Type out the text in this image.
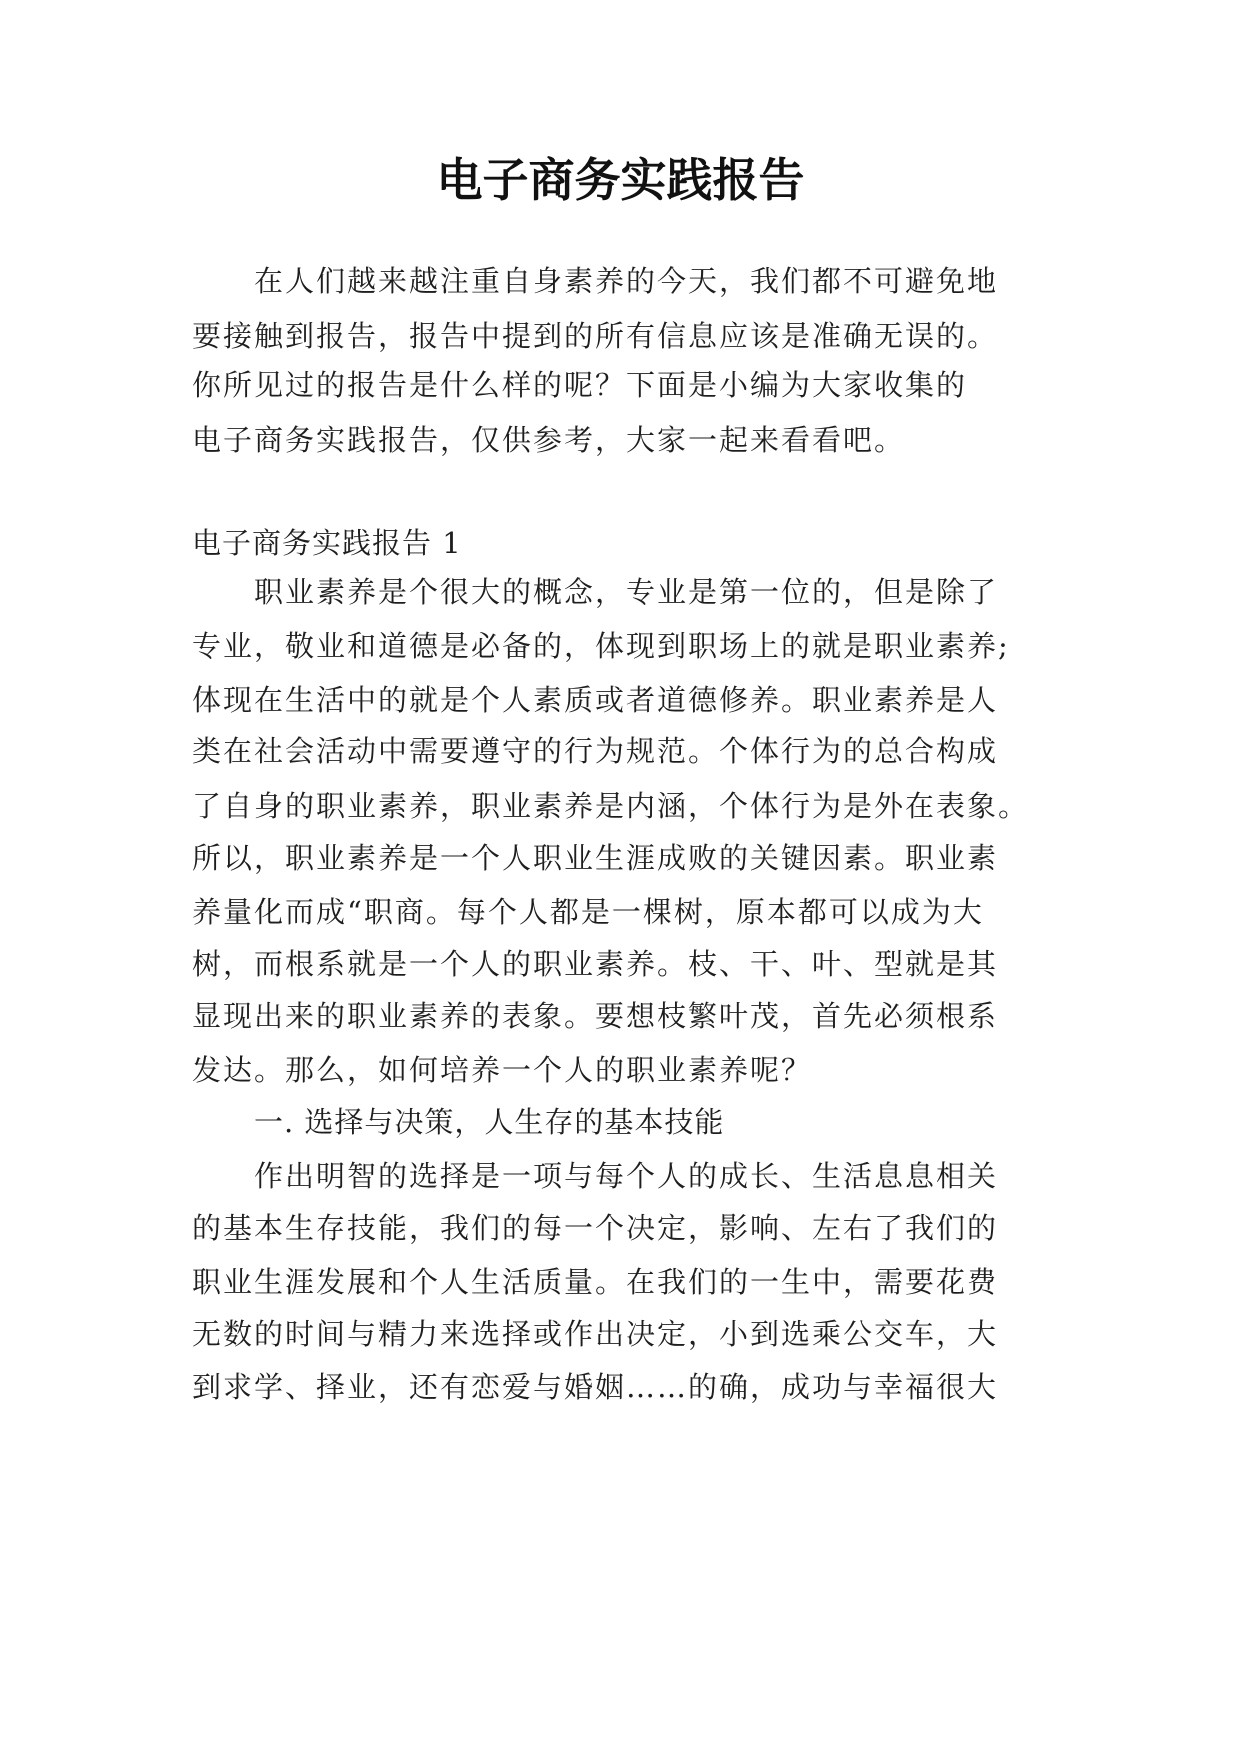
电子商务实践报告
在人们越来越注重自身素养的今天，我们都不可避免地
要接触到报告，报告中提到的所有信息应该是准确无误的。
你所见过的报告是什么样的呢？下面是小编为大家收集的
电子商务实践报告，仅供参考，大家一起来看看吧。
电子商务实践报告 1
职业素养是个很大的概念，专业是第一位的，但是除了
专业，敬业和道德是必备的，体现到职场上的就是职业素养;
体现在生活中的就是个人素质或者道德修养。职业素养是人
类在社会活动中需要遵守的行为规范。个体行为的总合构成
了自身的职业素养，职业素养是内涵，个体行为是外在表象。
所以，职业素养是一个人职业生涯成败的关键因素。职业素
养量化而成“职商。每个人都是一棵树，原本都可以成为大
树，而根系就是一个人的职业素养。枝、干、叶、型就是其
显现出来的职业素养的表象。要想枝繁叶茂，首先必须根系
发达。那么，如何培养一个人的职业素养呢？
一. 选择与决策，人生存的基本技能
作出明智的选择是一项与每个人的成长、生活息息相关
的基本生存技能，我们的每一个决定，影响、左右了我们的
职业生涯发展和个人生活质量。在我们的一生中，需要花费
无数的时间与精力来选择或作出决定，小到选乘公交车，大
到求学、择业，还有恋爱与婚姻……的确，成功与幸福很大
